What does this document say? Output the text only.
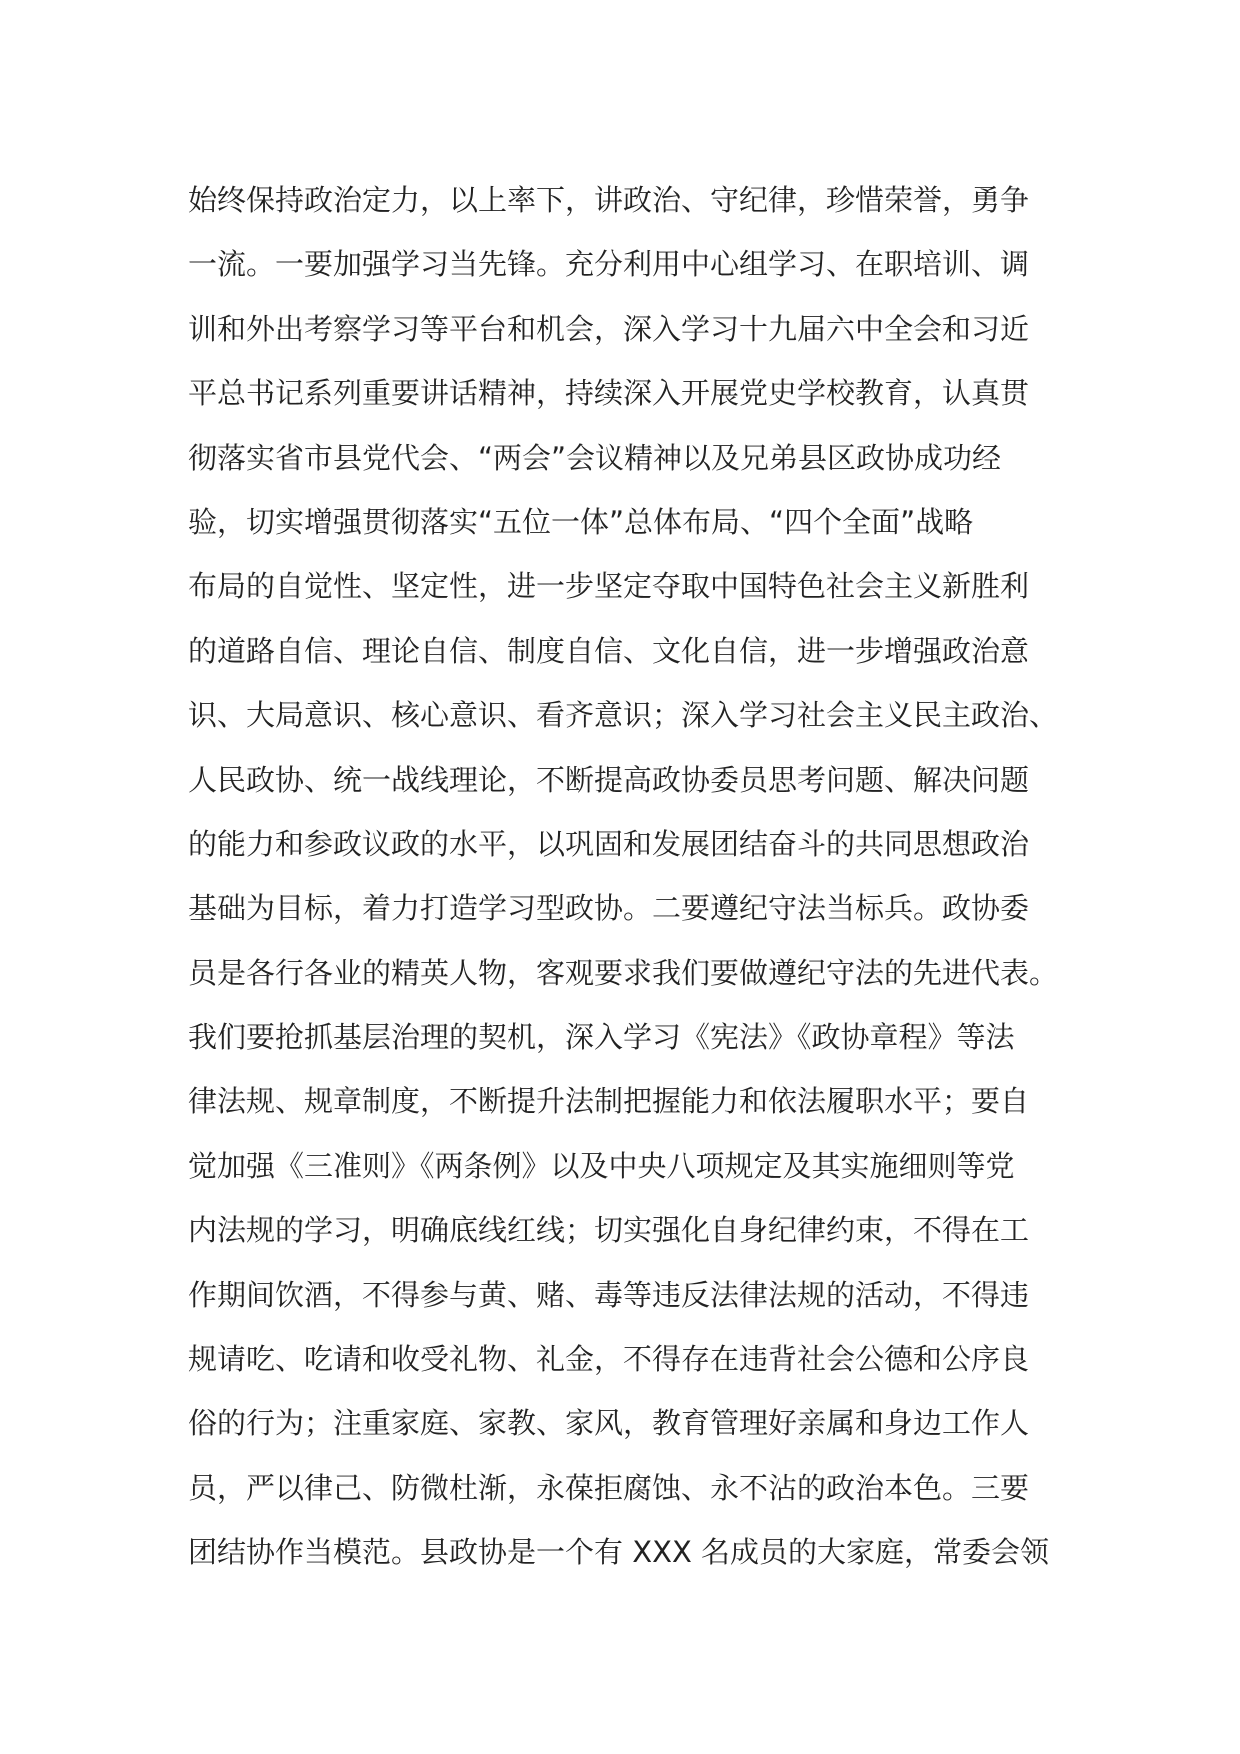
始终保持政治定力，以上率下，讲政治、守纪律，珍惜荣誉，勇争
一流。一要加强学习当先锋。充分利用中心组学习、在职培训、调
训和外出考察学习等平台和机会，深入学习十九届六中全会和习近
平总书记系列重要讲话精神，持续深入开展党史学校教育，认真贯
彻落实省市县党代会、“两会”会议精神以及兄弟县区政协成功经
验，切实增强贯彻落实“五位一体”总体布局、“四个全面”战略
布局的自觉性、坚定性，进一步坚定夺取中国特色社会主义新胜利
的道路自信、理论自信、制度自信、文化自信，进一步增强政治意
识、大局意识、核心意识、看齐意识；深入学习社会主义民主政治、
人民政协、统一战线理论，不断提高政协委员思考问题、解决问题
的能力和参政议政的水平，以巩固和发展团结奋斗的共同思想政治
基础为目标，着力打造学习型政协。二要遵纪守法当标兵。政协委
员是各行各业的精英人物，客观要求我们要做遵纪守法的先进代表。
我们要抢抓基层治理的契机，深入学习《宪法》《政协章程》等法
律法规、规章制度，不断提升法制把握能力和依法履职水平；要自
觉加强《三准则》《两条例》以及中央八项规定及其实施细则等党
内法规的学习，明确底线红线；切实强化自身纪律约束，不得在工
作期间饮酒，不得参与黄、赌、毒等违反法律法规的活动，不得违
规请吃、吃请和收受礼物、礼金，不得存在违背社会公德和公序良
俗的行为；注重家庭、家教、家风，教育管理好亲属和身边工作人
员，严以律己、防微杜渐，永葆拒腐蚀、永不沾的政治本色。三要
团结协作当模范。县政协是一个有 XXX 名成员的大家庭，常委会领
